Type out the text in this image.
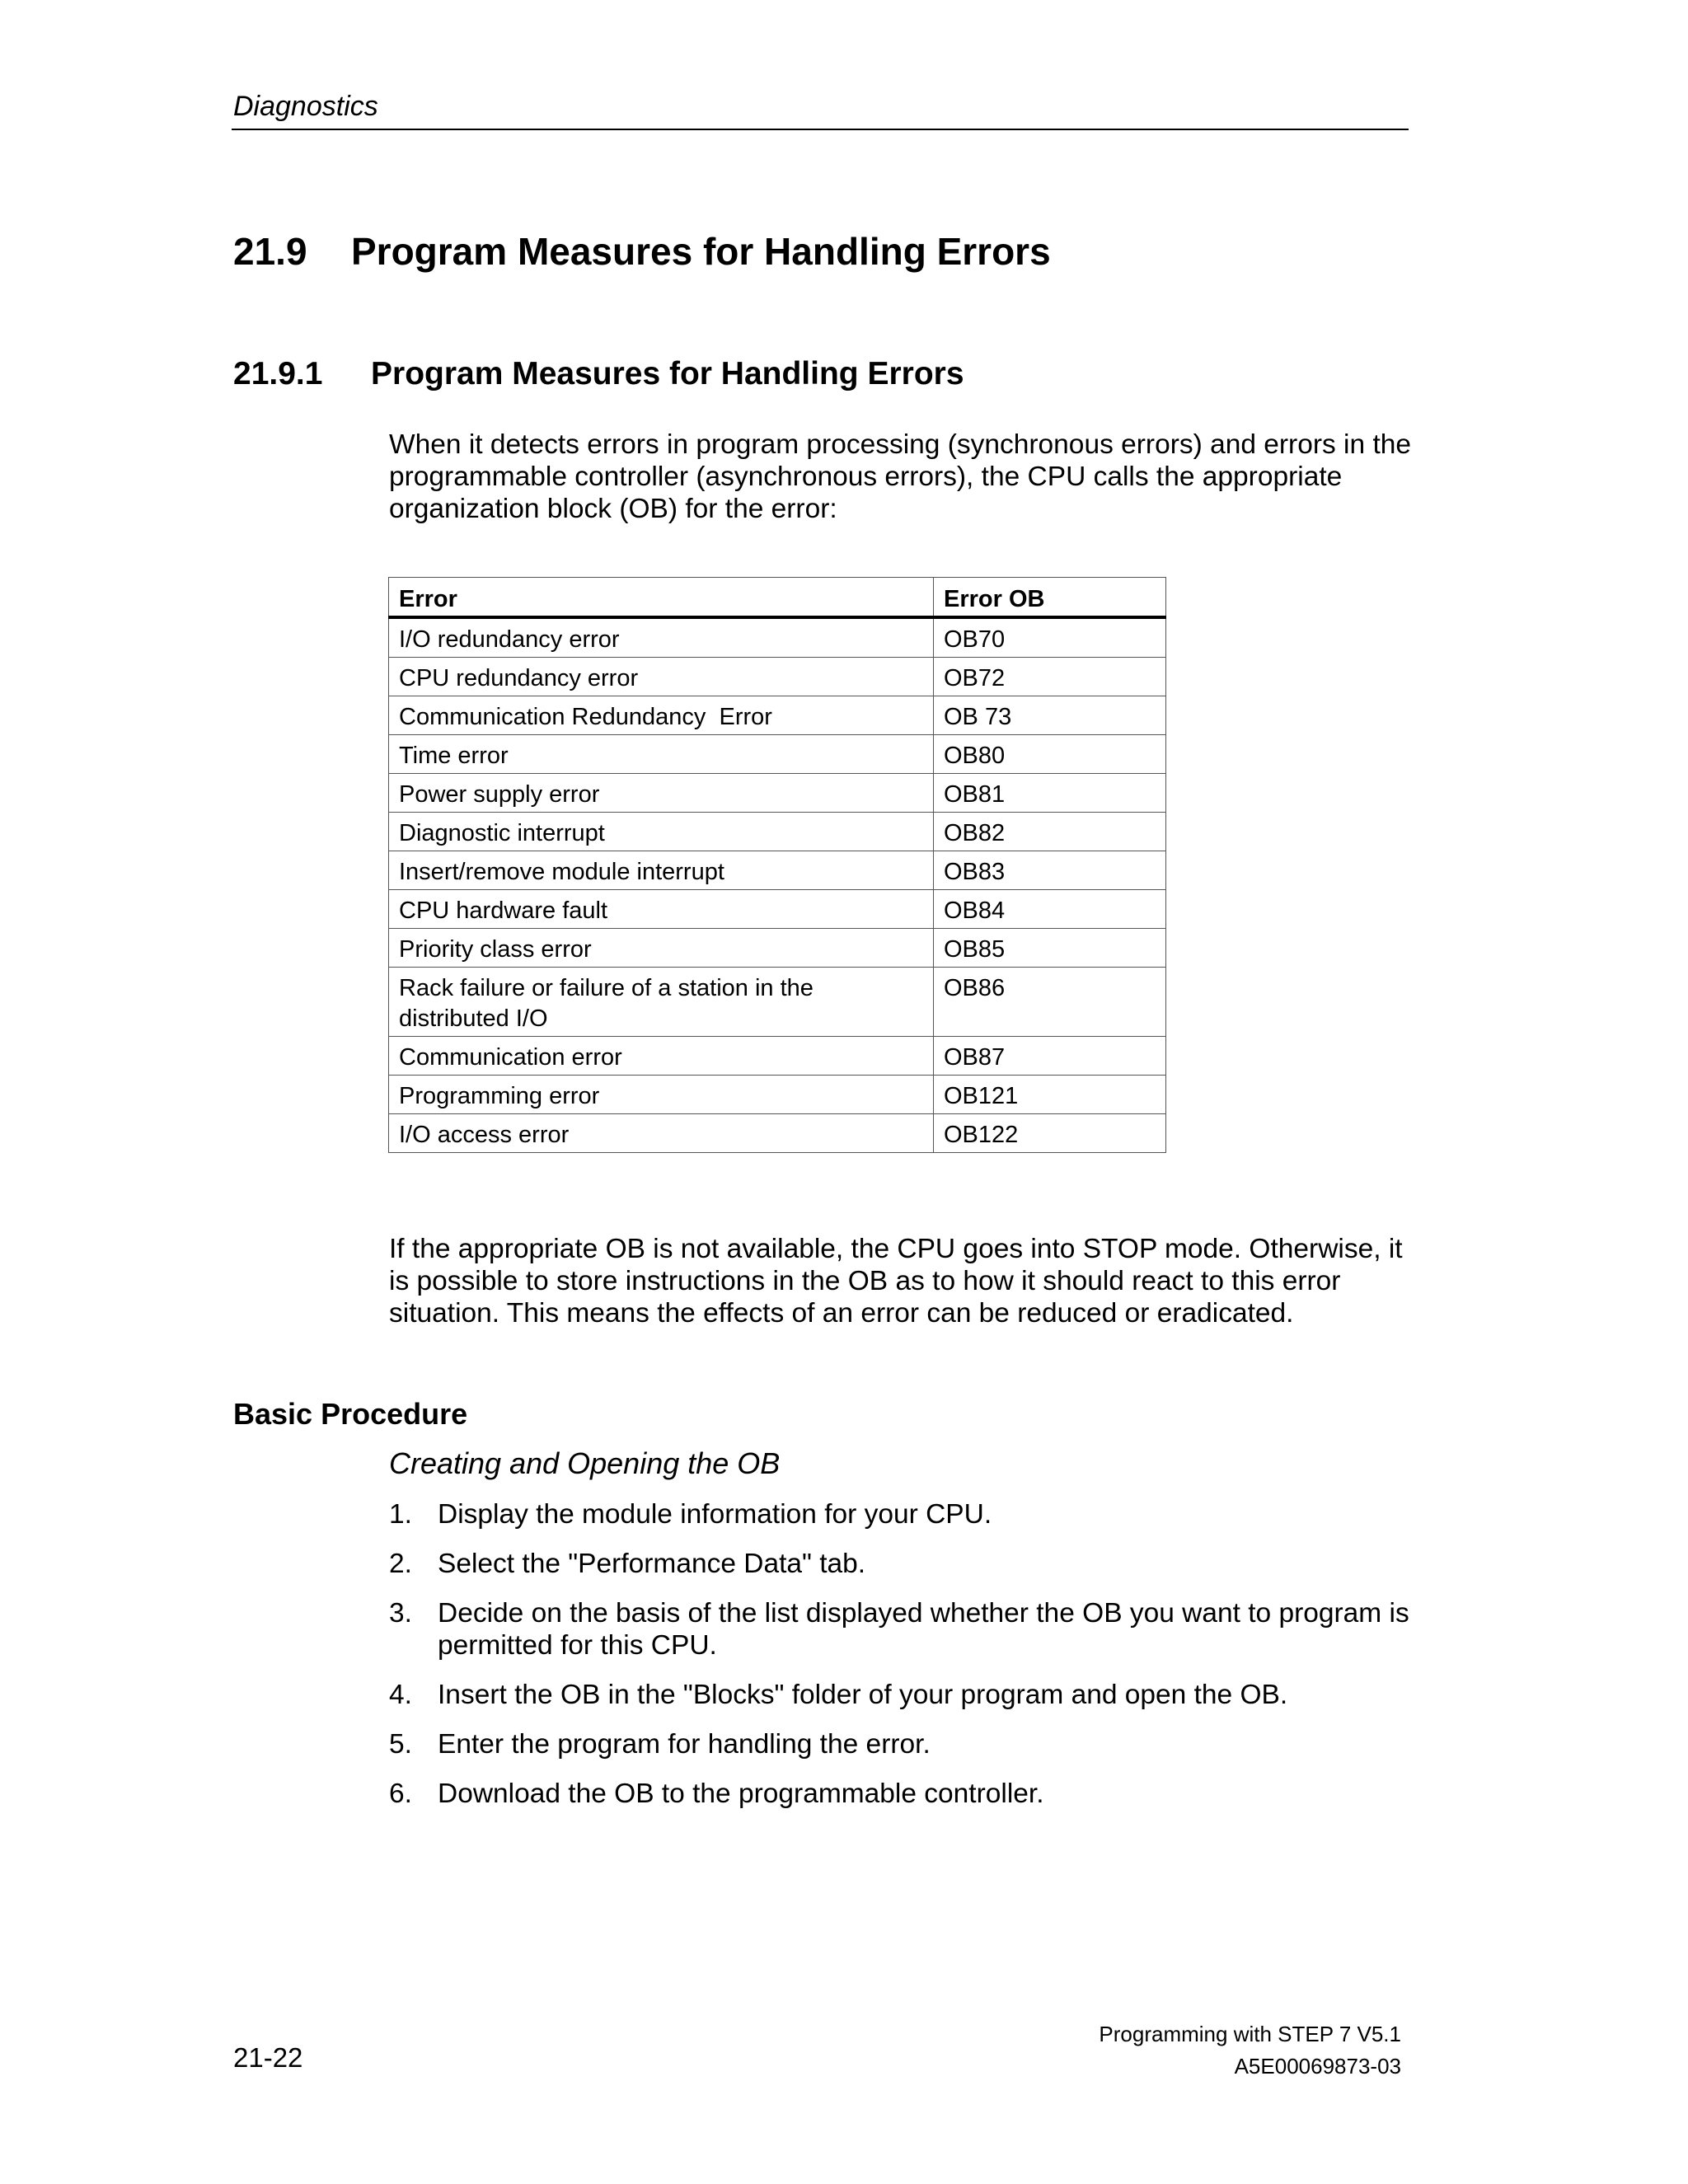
Diagnostics
21.9 Program Measures for Handling Errors
21.9.1 Program Measures for Handling Errors
When it detects errors in program processing (synchronous errors) and errors in the programmable controller (asynchronous errors), the CPU calls the appropriate organization block (OB) for the error:
Error	Error OB
I/O redundancy error	OB70
CPU redundancy error	OB72
Communication Redundancy  Error	OB 73
Time error	OB80
Power supply error	OB81
Diagnostic interrupt	OB82
Insert/remove module interrupt	OB83
CPU hardware fault	OB84
Priority class error	OB85
Rack failure or failure of a station in the distributed I/O	OB86
Communication error	OB87
Programming error	OB121
I/O access error	OB122
If the appropriate OB is not available, the CPU goes into STOP mode. Otherwise, it is possible to store instructions in the OB as to how it should react to this error situation. This means the effects of an error can be reduced or eradicated.
Basic Procedure
Creating and Opening the OB
1. Display the module information for your CPU.
2. Select the "Performance Data" tab.
3. Decide on the basis of the list displayed whether the OB you want to program is permitted for this CPU.
4. Insert the OB in the "Blocks" folder of your program and open the OB.
5. Enter the program for handling the error.
6. Download the OB to the programmable controller.
Programming with STEP 7 V5.1
A5E00069873-03
21-22
